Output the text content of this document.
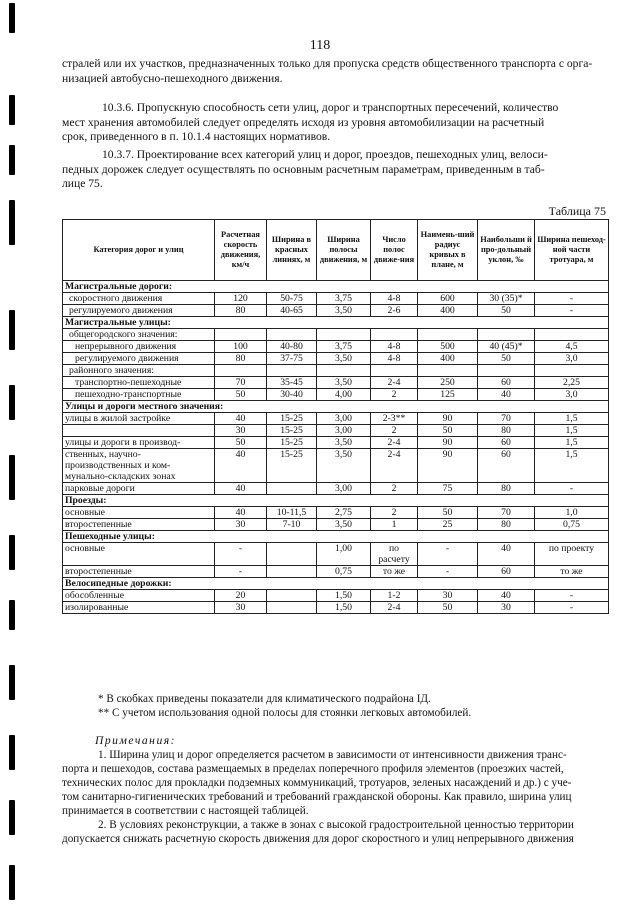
118
стралей или их участков, предназначенных только для пропуска средств общественного транспорта с орга-
низацией автобусно-пешеходного движения.
10.3.6. Пропускную способность сети улиц, дорог и транспортных пересечений, количество
мест хранения автомобилей следует определять исходя из уровня автомобилизации на расчетный
срок, приведенного в п. 10.1.4 настоящих нормативов.
10.3.7. Проектирование всех категорий улиц и дорог, проездов, пешеходных улиц, велоси-
педных дорожек следует осуществлять по основным расчетным параметрам, приведенным в таб-
лице 75.
Таблица 75
Категория дорог и улиц	Расчетная скорость движения, км/ч	Ширина в красных линиях, м	Ширина полосы движения, м	Число полос движе-ния	Наимень-ший радиус кривых в плане, м	Наибольши й про-дольный уклон, ‰	Ширина пешеход-ной части тротуара, м
Магистральные дороги:							
скоростного движения	120	50-75	3,75	4-8	600	30 (35)*	-
регулируемого движения	80	40-65	3,50	2-6	400	50	-
Магистральные улицы:							
общегородского значения:							
непрерывного движения	100	40-80	3,75	4-8	500	40 (45)*	4,5
регулируемого движения	80	37-75	3,50	4-8	400	50	3,0
районного значения:							
транспортно-пешеходные	70	35-45	3,50	2-4	250	60	2,25
пешеходно-транспортные	50	30-40	4,00	2	125	40	3,0
Улицы и дороги местного значения:							
улицы в жилой застройке	40	15-25	3,00	2-3**	90	70	1,5
	30	15-25	3,00	2	50	80	1,5
улицы и дороги в производ-	50	15-25	3,50	2-4	90	60	1,5
ственных, научно-производственных и ком-мунально-складских зонах	40	15-25	3,50	2-4	90	60	1,5
парковые дороги	40		3,00	2	75	80	-
Проезды:							
основные	40	10-11,5	2,75	2	50	70	1,0
второстепенные	30	7-10	3,50	1	25	80	0,75
Пешеходные улицы:							
основные	-		1,00	по расчету	-	40	по проекту
второстепенные	-		0,75	то же	-	60	то же
Велосипедные дорожки:							
обособленные	20		1,50	1-2	30	40	-
изолированные	30		1,50	2-4	50	30	-
* В скобках приведены показатели для климатического подрайона IД.
** С учетом использования одной полосы для стоянки легковых автомобилей.
Примечания:
1. Ширина улиц и дорог определяется расчетом в зависимости от интенсивности движения транс-
порта и пешеходов, состава размещаемых в пределах поперечного профиля элементов (проезжих частей,
технических полос для прокладки подземных коммуникаций, тротуаров, зеленых насаждений и др.) с уче-
том санитарно-гигиенических требований и требований гражданской обороны. Как правило, ширина улиц
принимается в соответствии с настоящей таблицей.
2. В условиях реконструкции, а также в зонах с высокой градостроительной ценностью территории
допускается снижать расчетную скорость движения для дорог скоростного и улиц непрерывного движения
